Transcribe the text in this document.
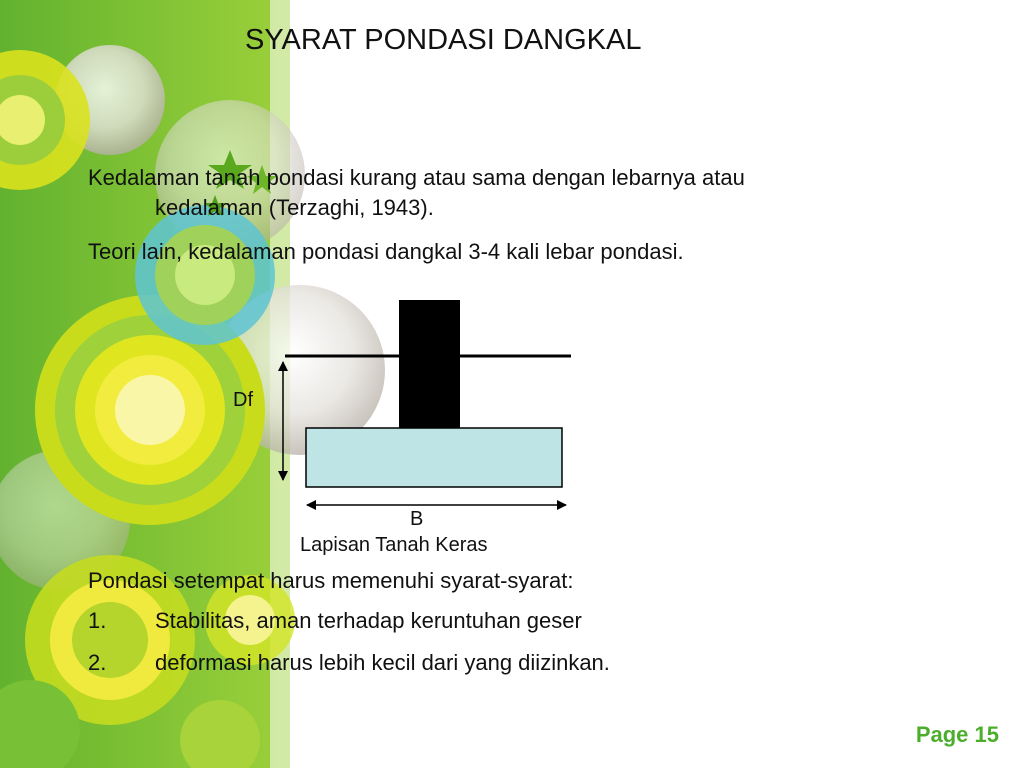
SYARAT PONDASI DANGKAL
Kedalaman tanah pondasi kurang atau sama dengan lebarnya atau
kedalaman (Terzaghi, 1943).
Teori lain, kedalaman pondasi dangkal 3-4 kali lebar pondasi.
Df
B
Lapisan Tanah Keras
Pondasi setempat harus memenuhi syarat-syarat:
1. Stabilitas, aman terhadap keruntuhan geser
2. deformasi harus lebih kecil dari yang diizinkan.
Page 15
